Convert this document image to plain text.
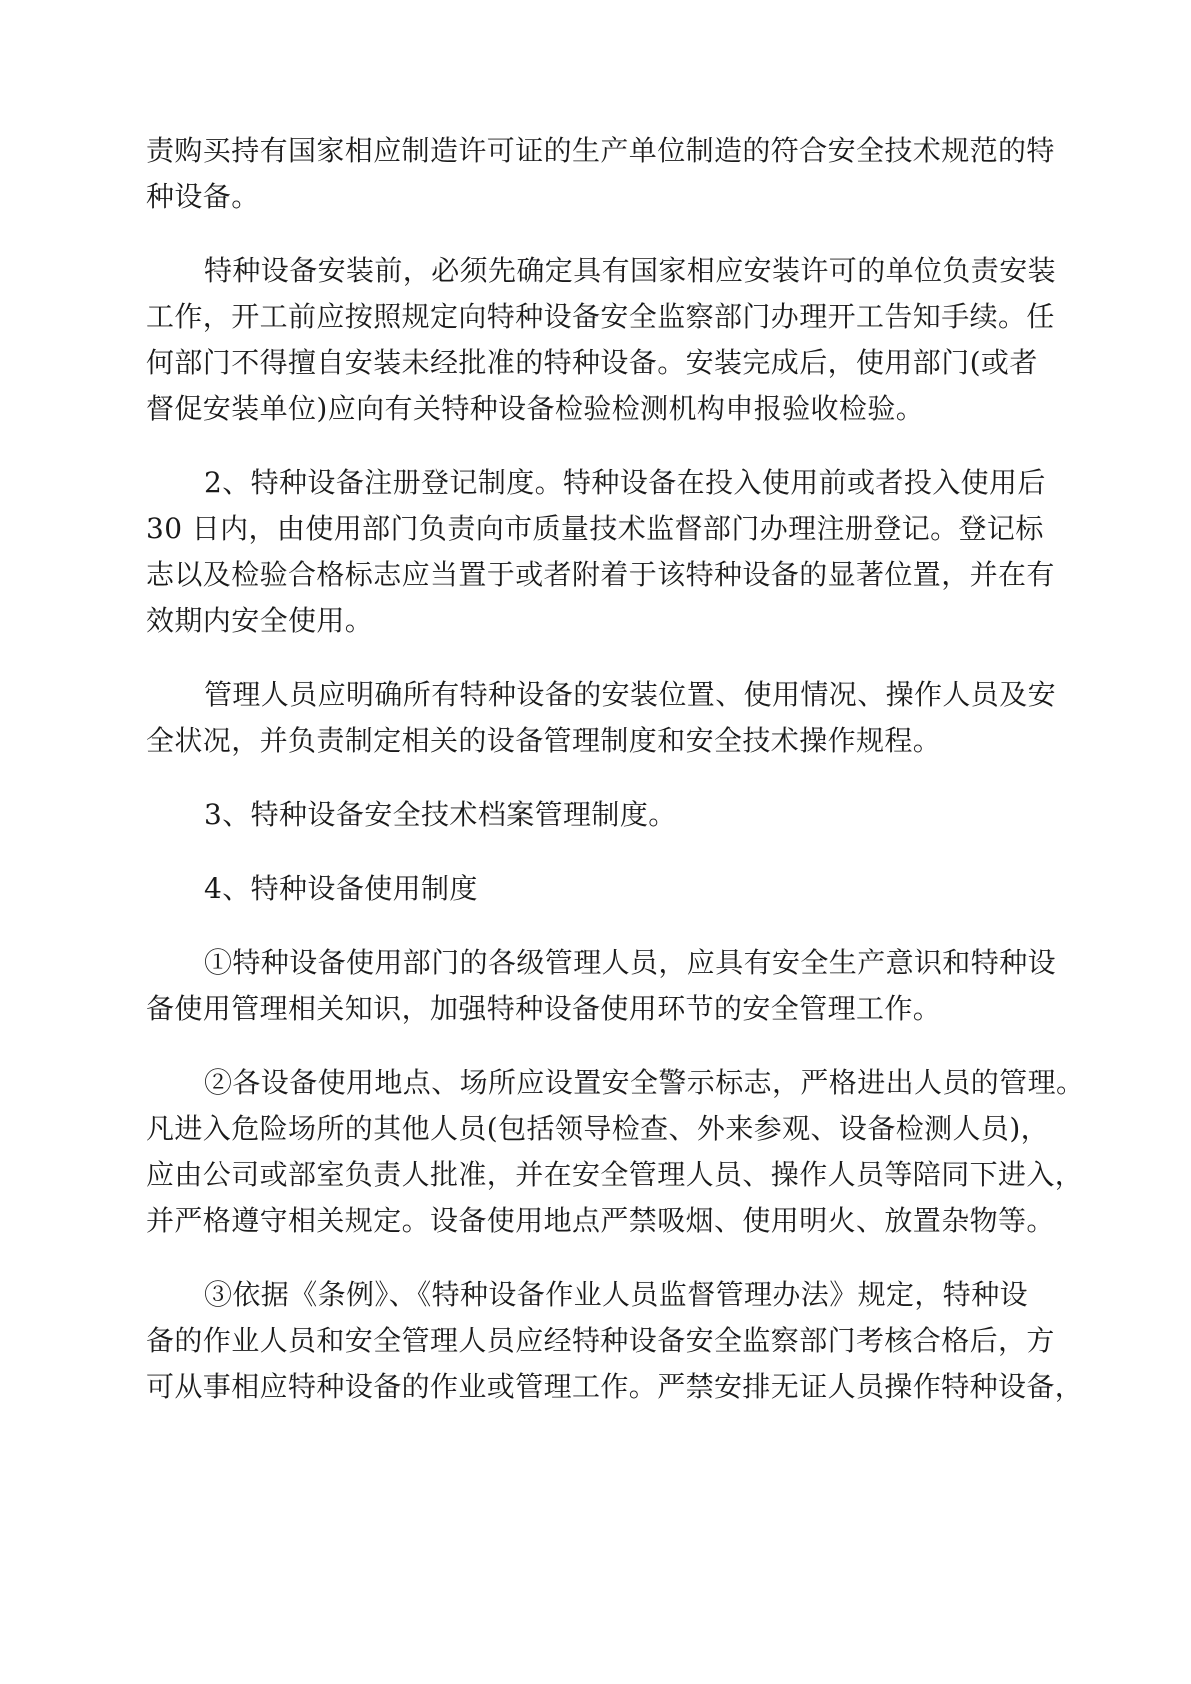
责购买持有国家相应制造许可证的生产单位制造的符合安全技术规范的特
种设备。

特种设备安装前，必须先确定具有国家相应安装许可的单位负责安装
工作，开工前应按照规定向特种设备安全监察部门办理开工告知手续。任
何部门不得擅自安装未经批准的特种设备。安装完成后，使用部门(或者
督促安装单位)应向有关特种设备检验检测机构申报验收检验。

2、特种设备注册登记制度。特种设备在投入使用前或者投入使用后
30 日内，由使用部门负责向市质量技术监督部门办理注册登记。登记标
志以及检验合格标志应当置于或者附着于该特种设备的显著位置，并在有
效期内安全使用。

管理人员应明确所有特种设备的安装位置、使用情况、操作人员及安
全状况，并负责制定相关的设备管理制度和安全技术操作规程。

3、特种设备安全技术档案管理制度。

4、特种设备使用制度

①特种设备使用部门的各级管理人员，应具有安全生产意识和特种设
备使用管理相关知识，加强特种设备使用环节的安全管理工作。

②各设备使用地点、场所应设置安全警示标志，严格进出人员的管理。
凡进入危险场所的其他人员(包括领导检查、外来参观、设备检测人员)，
应由公司或部室负责人批准，并在安全管理人员、操作人员等陪同下进入，
并严格遵守相关规定。设备使用地点严禁吸烟、使用明火、放置杂物等。

③依据《条例》、《特种设备作业人员监督管理办法》规定，特种设
备的作业人员和安全管理人员应经特种设备安全监察部门考核合格后，方
可从事相应特种设备的作业或管理工作。严禁安排无证人员操作特种设备，
